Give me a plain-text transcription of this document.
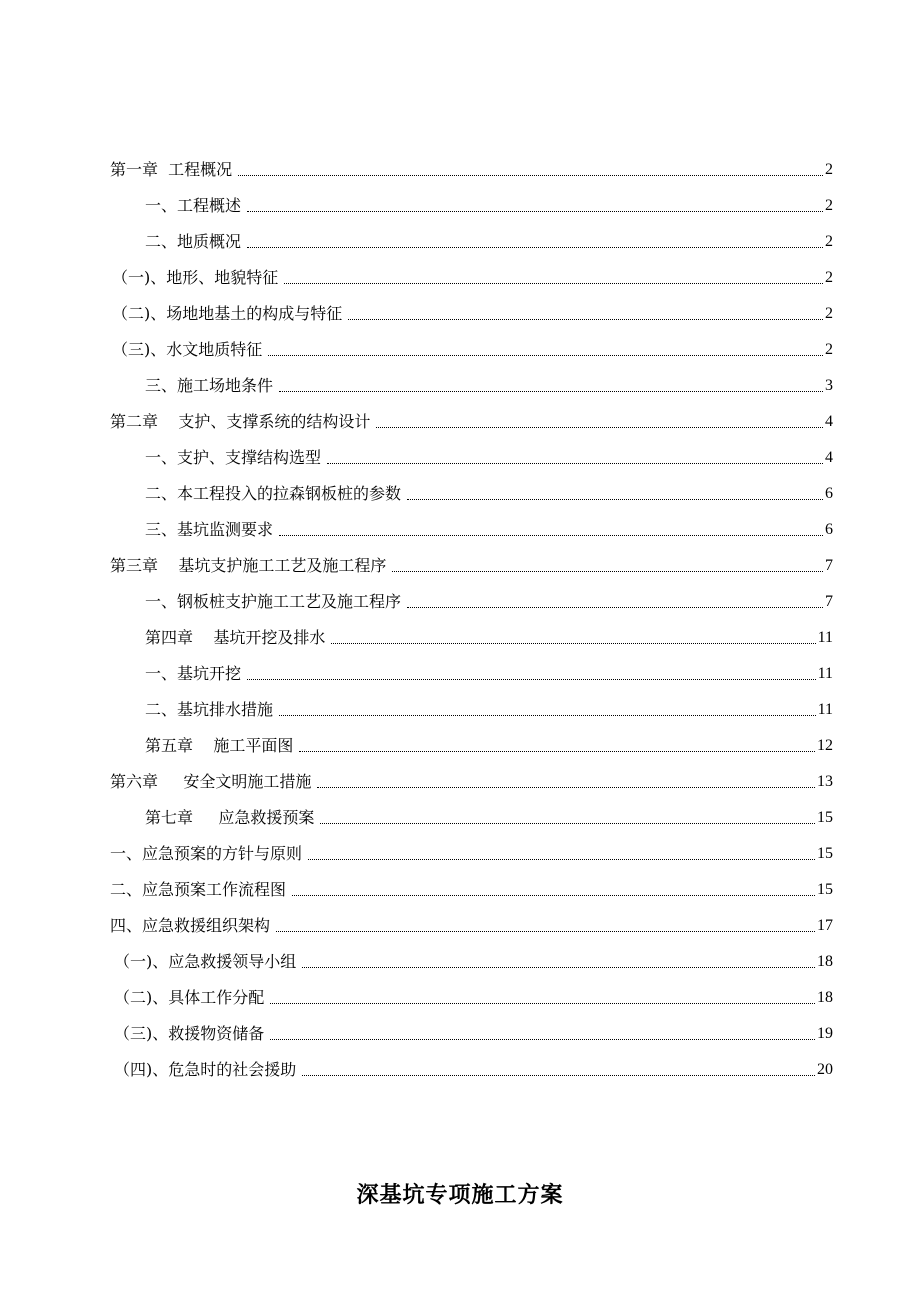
第一章  工程概况	2
一、工程概述	2
二、地质概况	2
（一)、地形、地貌特征	2
（二)、场地地基土的构成与特征	2
（三)、水文地质特征	2
三、施工场地条件	3
第二章    支护、支撑系统的结构设计	4
一、支护、支撑结构选型	4
二、本工程投入的拉森钢板桩的参数	6
三、基坑监测要求	6
第三章    基坑支护施工工艺及施工程序	7
一、钢板桩支护施工工艺及施工程序	7
第四章    基坑开挖及排水	11
一、基坑开挖	11
二、基坑排水措施	11
第五章    施工平面图	12
第六章     安全文明施工措施	13
第七章     应急救援预案	15
一、应急预案的方针与原则	15
二、应急预案工作流程图	15
四、应急救援组织架构	17
（一)、应急救援领导小组	18
（二)、具体工作分配	18
（三)、救援物资储备	19
（四)、危急时的社会援助	20
深基坑专项施工方案
